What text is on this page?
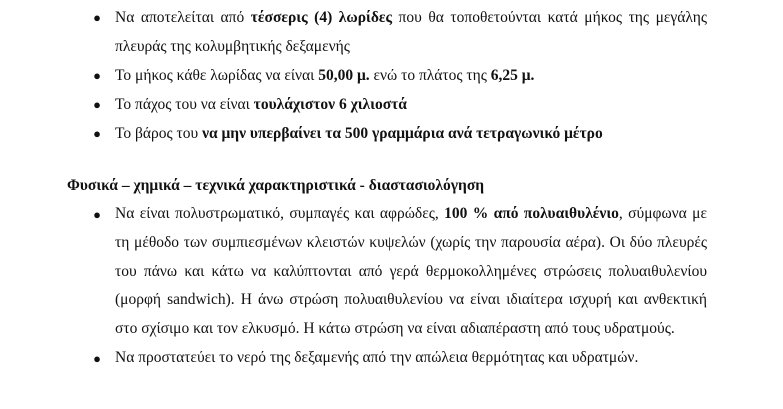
● Να αποτελείται από τέσσερις (4) λωρίδες που θα τοποθετούνται κατά μήκος της μεγάλης πλευράς της κολυμβητικής δεξαμενής
● Το μήκος κάθε λωρίδας να είναι 50,00 μ. ενώ το πλάτος της 6,25 μ.
● Το πάχος του να είναι τουλάχιστον 6 χιλιοστά
● Το βάρος του να μην υπερβαίνει τα 500 γραμμάρια ανά τετραγωνικό μέτρο
Φυσικά – χημικά – τεχνικά χαρακτηριστικά - διαστασιολόγηση
● Να είναι πολυστρωματικό, συμπαγές και αφρώδες, 100 % από πολυαιθυλένιο, σύμφωνα με τη μέθοδο των συμπιεσμένων κλειστών κυψελών (χωρίς την παρουσία αέρα). Οι δύο πλευρές του πάνω και κάτω να καλύπτονται από γερά θερμοκολλημένες στρώσεις πολυαιθυλενίου (μορφή sandwich). Η άνω στρώση πολυαιθυλενίου να είναι ιδιαίτερα ισχυρή και ανθεκτική στο σχίσιμο και τον ελκυσμό. Η κάτω στρώση να είναι αδιαπέραστη από τους υδρατμούς.
● Να προστατεύει το νερό της δεξαμενής από την απώλεια θερμότητας και υδρατμών.
